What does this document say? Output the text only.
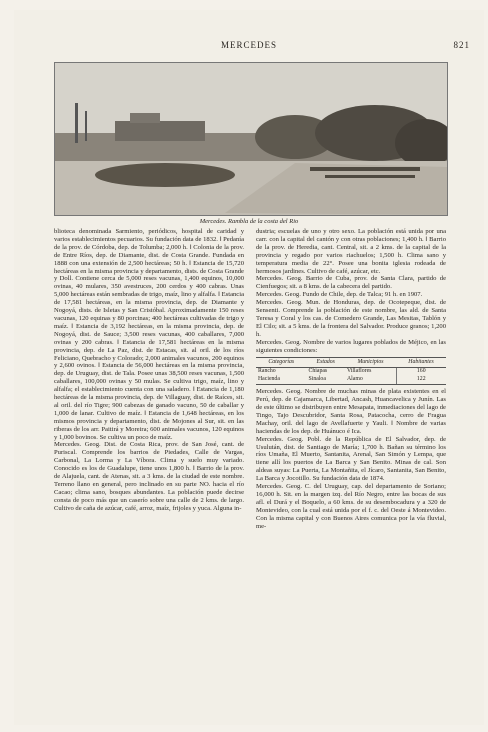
MERCEDES	821
Mercedes. Rambla de la costa del Rio

blioteca denominada Sarmiento, periódicos, hospital de caridad y varios establecimientos pecuarios. Su fundación data de 1832. ‖ Pedanía de la prov. de Córdoba, dep. de Tolumba; 2,000 h. ‖ Colonia de la prov. de Entre Ríos, dep. de Diamante, dist. de Costa Grande. Fundada en 1888 con una extensión de 2,500 hectáreas; 50 h. ‖ Estancia de 15,720 hectáreas en la misma provincia y departamento, dists. de Costa Grande y Doll. Contiene cerca de 5,000 reses vacunas, 1,400 equinos, 10,000 ovinas, 40 mulares, 350 avestruces, 200 cerdos y 400 cabras. Unas 5,000 hectáreas están sembradas de trigo, maíz, lino y alfalfa. ‖ Estancia de 17,581 hectáreas, en la misma provincia, dep. de Diamante y Nogoyá, dists. de Isletas y San Cristóbal. Aproximadamente 150 reses vacunas, 120 equinas y 80 porcinas; 400 hectáreas cultivadas de trigo y maíz. ‖ Estancia de 3,192 hectáreas, en la misma provincia, dep. de Nogoyá, dist. de Sauce; 3,500 reses vacunas, 400 caballares, 7,000 ovinas y 200 cabras. ‖ Estancia de 17,581 hectáreas en la misma provincia, dep. de La Paz, dist. de Estacas, sit. al oril. de los ríos Feliciano, Quebracho y Colorado; 2,000 animales vacunos, 200 equinos y 2,600 ovinos. ‖ Estancia de 56,000 hectáreas en la misma provincia, dep. de Uruguay, dist. de Tala. Posee unas 38,500 reses vacunas, 1,500 caballares, 100,000 ovinas y 50 mulas. Se cultiva trigo, maíz, lino y alfalfa; el establecimiento cuenta con una saladero. ‖ Estancia de 1,180 hectáreas de la misma provincia, dep. de Villaguay, dist. de Raíces, sit. al oril. del río Tigre; 900 cabezas de ganado vacuno, 50 de caballar y 1,000 de lanar. Cultivo de maíz. ‖ Estancia de 1,648 hectáreas, en los mismos provincia y departamento, dist. de Mojones al Sur, sit. en las riberas de los arr. Paitirá y Moreira; 600 animales vacunos, 120 equinos y 1,000 bovinos. Se cultiva un poco de maíz.

Mercedes. Geog. Dist. de Costa Rica, prov. de San José, cant. de Puriscal. Comprende los barrios de Piedades, Calle de Vargas, Carbonal, La Lorma y La Víbora. Clima y suelo muy variado. Conocido es los de Guadalupe, tiene unos 1,800 h. ‖ Barrio de la prov. de Alajuela, cant. de Atenas, sit. a 3 kms. de la ciudad de este nombre. Terreno llano en general, pero inclinado en su parte NO. hacia el río Cacao; clima sano, bosques abundantes. La población puede decirse consta de poco más que un caserío sobre una calle de 2 kms. de largo. Cultivo de caña de azúcar, café, arroz, maíz, frijoles y yuca. Alguna in-

dustria; escuelas de uno y otro sexo. La población está unida por una carr. con la capital del cantón y con otras poblaciones; 1,400 h. ‖ Barrio de la prov. de Heredia, cant. Central, sit. a 2 kms. de la capital de la provincia y regado por varios riachuelos; 1,500 h. Clima sano y temperatura media de 22°. Posee una bonita iglesia rodeada de hermosos jardines. Cultivo de café, azúcar, etc.

Mercedes. Geog. Barrio de Cuba, prov. de Santa Clara, partido de Cienfuegos; sit. a 8 kms. de la cabecera del partido.

Mercedes. Geog. Fundo de Chile, dep. de Talca; 91 h. en 1907.

Mercedes. Geog. Mun. de Honduras, dep. de Ocotepeque, dist. de Sensenti. Comprende la población de este nombre, las ald. de Santa Teresa y Coral y los cas. de Comedero Grande, Las Mesitas, Tablón y El Cilo; sit. a 5 kms. de la frontera del Salvador. Produce granos; 1,200 h.

Mercedes. Geog. Nombre de varios lugares poblados de Méjico, en las siguientes condiciones:

Categorías	Estados	Municipios	Habitantes
Rancho	Chiapas	Villaflores	160
Hacienda	Sinaloa	Alamo	122

Mercedes. Geog. Nombre de muchas minas de plata existentes en el Perú, dep. de Cajamarca, Libertad, Ancash, Huancavelica y Junín. Las de este último se distribuyen entre Mesapata, inmediaciones del lago de Tingo, Tajo Descubridor, Santa Rosa, Patacocha, cerro de Fragua Machay, oril. del lago de Avellafuerte y Yauli. ‖ Nombre de varias haciendas de los dep. de Huánuco é Ica.

Mercedes. Geog. Pobl. de la República de El Salvador, dep. de Usulután, dist. de Santiago de María; 1,700 h. Bañan su término los ríos Umaña, El Muerto, Santanita, Arenal, San Simón y Lempa, que tiene allí los puertos de La Barca y San Benito. Minas de cal. Son aldeas suyas: La Puerta, La Montañita, el Jícaro, Santanita, San Benito, La Barca y Jocotillo. Su fundación data de 1874.

Mercedes. Geog. C. del Uruguay, cap. del departamento de Soriano; 16,000 h. Sit. en la margen izq. del Río Negro, entre las bocas de sus afl. el Durá y el Boquelo, a 60 kms. de su desembocadura y a 320 de Montevideo, con la cual está unida por el f. c. del Oeste á Montevideo. Con la misma capital y con Buenos Aires comunica por la vía fluvial, me-
